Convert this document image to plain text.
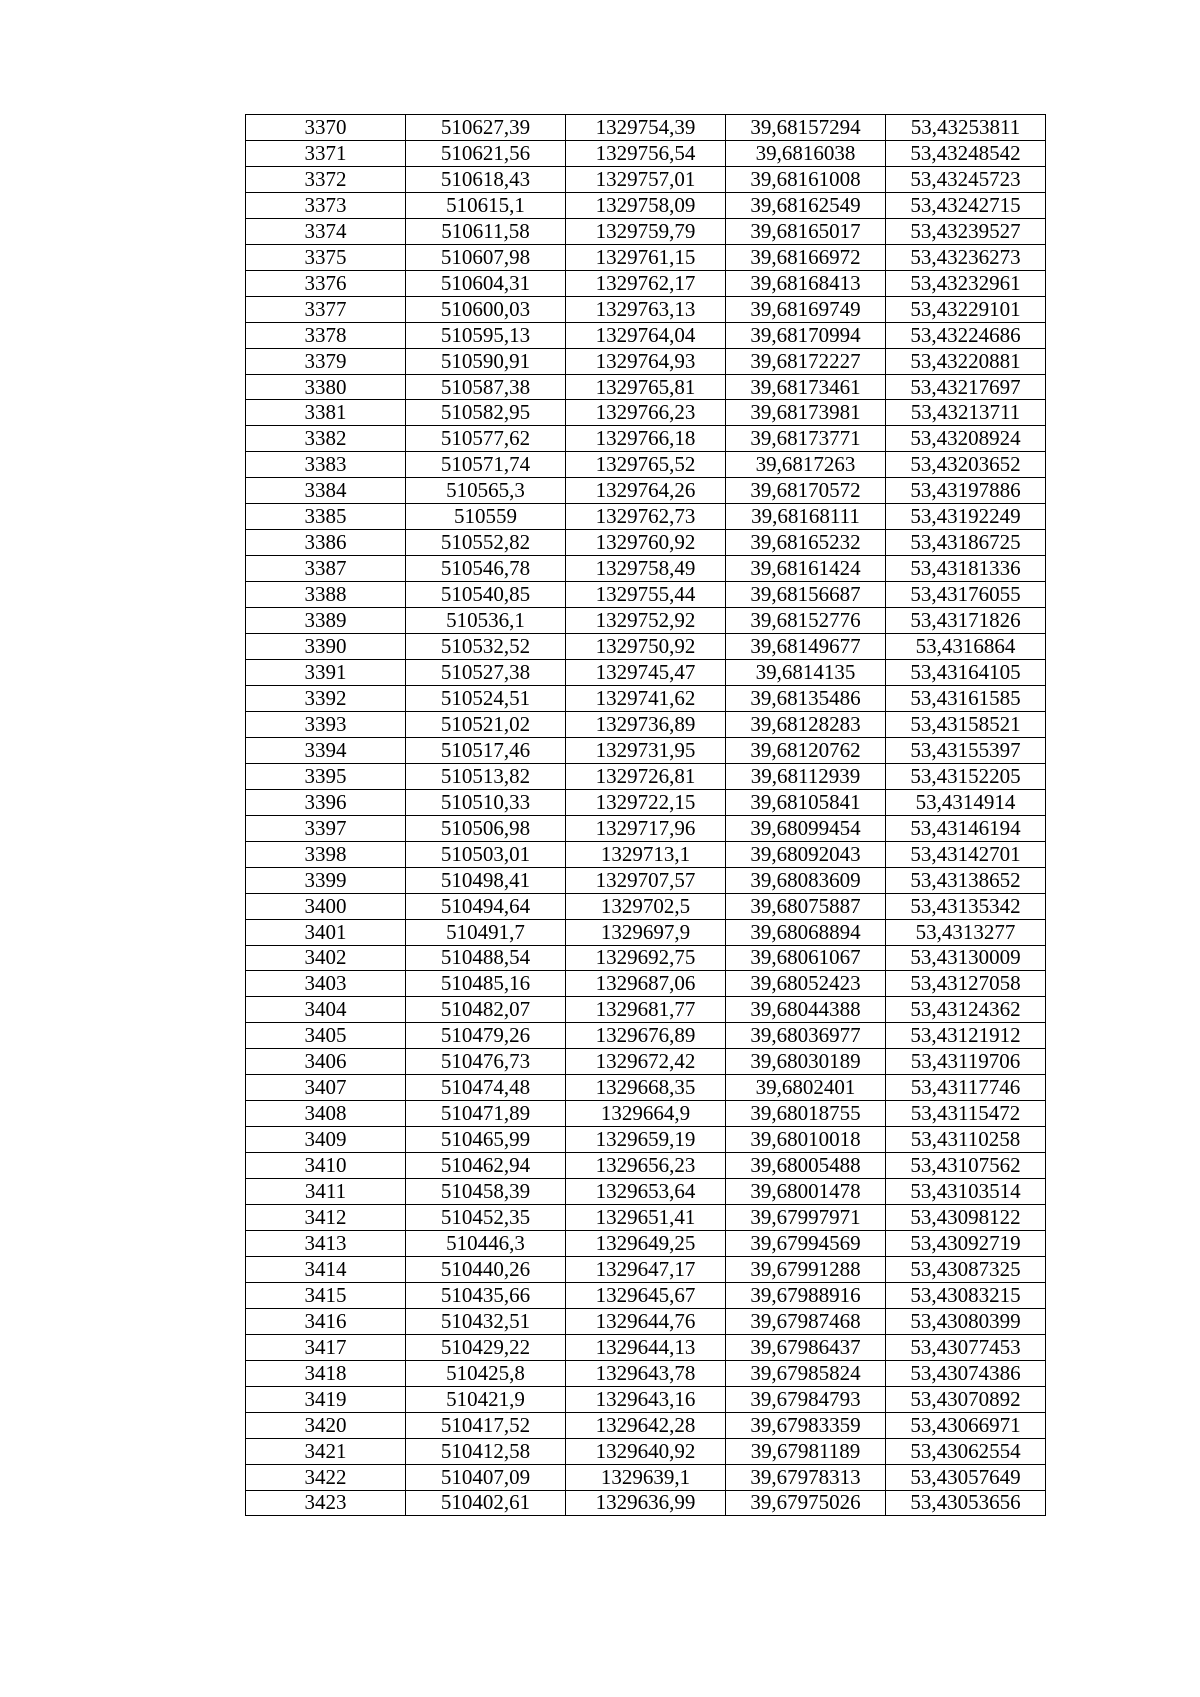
3370	510627,39	1329754,39	39,68157294	53,43253811
3371	510621,56	1329756,54	39,6816038	53,43248542
3372	510618,43	1329757,01	39,68161008	53,43245723
3373	510615,1	1329758,09	39,68162549	53,43242715
3374	510611,58	1329759,79	39,68165017	53,43239527
3375	510607,98	1329761,15	39,68166972	53,43236273
3376	510604,31	1329762,17	39,68168413	53,43232961
3377	510600,03	1329763,13	39,68169749	53,43229101
3378	510595,13	1329764,04	39,68170994	53,43224686
3379	510590,91	1329764,93	39,68172227	53,43220881
3380	510587,38	1329765,81	39,68173461	53,43217697
3381	510582,95	1329766,23	39,68173981	53,43213711
3382	510577,62	1329766,18	39,68173771	53,43208924
3383	510571,74	1329765,52	39,6817263	53,43203652
3384	510565,3	1329764,26	39,68170572	53,43197886
3385	510559	1329762,73	39,68168111	53,43192249
3386	510552,82	1329760,92	39,68165232	53,43186725
3387	510546,78	1329758,49	39,68161424	53,43181336
3388	510540,85	1329755,44	39,68156687	53,43176055
3389	510536,1	1329752,92	39,68152776	53,43171826
3390	510532,52	1329750,92	39,68149677	53,4316864
3391	510527,38	1329745,47	39,6814135	53,43164105
3392	510524,51	1329741,62	39,68135486	53,43161585
3393	510521,02	1329736,89	39,68128283	53,43158521
3394	510517,46	1329731,95	39,68120762	53,43155397
3395	510513,82	1329726,81	39,68112939	53,43152205
3396	510510,33	1329722,15	39,68105841	53,4314914
3397	510506,98	1329717,96	39,68099454	53,43146194
3398	510503,01	1329713,1	39,68092043	53,43142701
3399	510498,41	1329707,57	39,68083609	53,43138652
3400	510494,64	1329702,5	39,68075887	53,43135342
3401	510491,7	1329697,9	39,68068894	53,4313277
3402	510488,54	1329692,75	39,68061067	53,43130009
3403	510485,16	1329687,06	39,68052423	53,43127058
3404	510482,07	1329681,77	39,68044388	53,43124362
3405	510479,26	1329676,89	39,68036977	53,43121912
3406	510476,73	1329672,42	39,68030189	53,43119706
3407	510474,48	1329668,35	39,6802401	53,43117746
3408	510471,89	1329664,9	39,68018755	53,43115472
3409	510465,99	1329659,19	39,68010018	53,43110258
3410	510462,94	1329656,23	39,68005488	53,43107562
3411	510458,39	1329653,64	39,68001478	53,43103514
3412	510452,35	1329651,41	39,67997971	53,43098122
3413	510446,3	1329649,25	39,67994569	53,43092719
3414	510440,26	1329647,17	39,67991288	53,43087325
3415	510435,66	1329645,67	39,67988916	53,43083215
3416	510432,51	1329644,76	39,67987468	53,43080399
3417	510429,22	1329644,13	39,67986437	53,43077453
3418	510425,8	1329643,78	39,67985824	53,43074386
3419	510421,9	1329643,16	39,67984793	53,43070892
3420	510417,52	1329642,28	39,67983359	53,43066971
3421	510412,58	1329640,92	39,67981189	53,43062554
3422	510407,09	1329639,1	39,67978313	53,43057649
3423	510402,61	1329636,99	39,67975026	53,43053656
